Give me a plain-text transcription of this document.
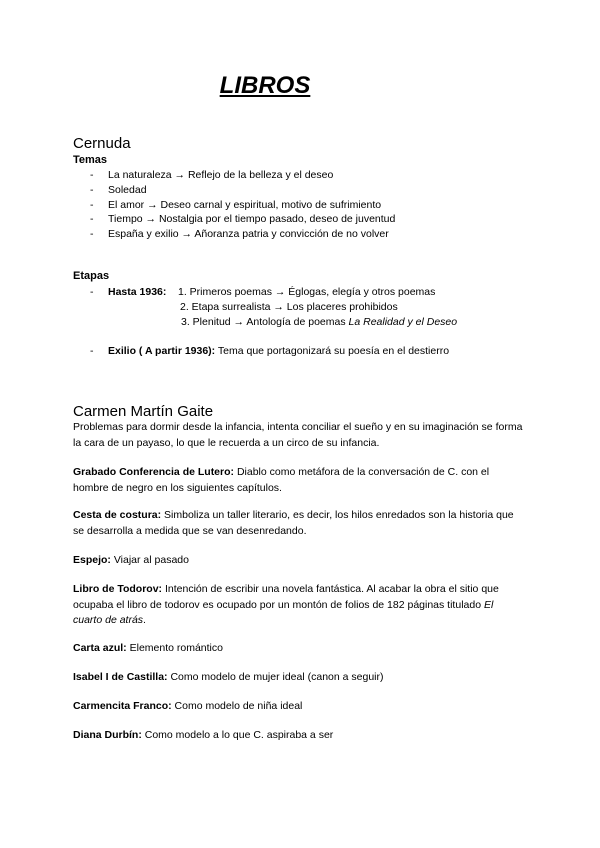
LIBROS
Cernuda
Temas
- La naturaleza → Reflejo de la belleza y el deseo
- Soledad
- El amor → Deseo carnal y espiritual, motivo de sufrimiento
- Tiempo → Nostalgia por el tiempo pasado, deseo de juventud
- España y exilio → Añoranza patria y convicción de no volver
Etapas
- Hasta 1936: 1. Primeros poemas → Églogas, elegía y otros poemas
2. Etapa surrealista → Los placeres prohibidos
3. Plenitud → Antología de poemas La Realidad y el Deseo
- Exilio ( A partir 1936): Tema que portagonizará su poesía en el destierro
Carmen Martín Gaite

Problemas para dormir desde la infancia, intenta conciliar el sueño y en su imaginación se forma la cara de un payaso, lo que le recuerda a un circo de su infancia.

Grabado Conferencia de Lutero: Diablo como metáfora de la conversación de C. con el hombre de negro en los siguientes capítulos.

Cesta de costura: Simboliza un taller literario, es decir, los hilos enredados son la historia que se desarrolla a medida que se van desenredando.

Espejo: Viajar al pasado

Libro de Todorov: Intención de escribir una novela fantástica. Al acabar la obra el sitio que ocupaba el libro de todorov es ocupado por un montón de folios de 182 páginas titulado El cuarto de atrás.

Carta azul: Elemento romántico

Isabel I de Castilla: Como modelo de mujer ideal (canon a seguir)

Carmencita Franco: Como modelo de niña ideal

Diana Durbín: Como modelo a lo que C. aspiraba a ser
